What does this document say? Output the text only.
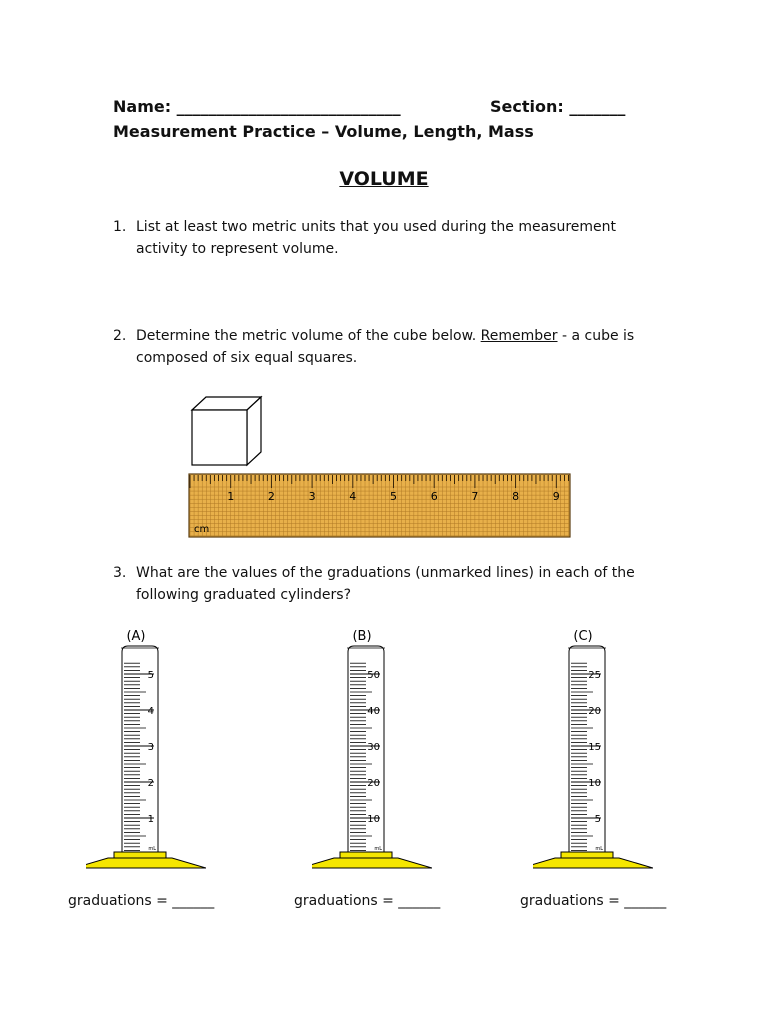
Name: ____________________________	Section: _______
Measurement Practice – Volume, Length, Mass
VOLUME
1. List at least two metric units that you used during the measurement activity to represent volume.
2. Determine the metric volume of the cube below. Remember - a cube is composed of six equal squares.
1	2	3	4	5	6	7	8	9
cm
3. What are the values of the graduations (unmarked lines) in each of the following graduated cylinders?
(A)
5
4
3
2
1
mL
(B)
50
40
30
20
10
mL
(C)
25
20
15
10
5
mL
graduations = ______	graduations = ______	graduations = ______
